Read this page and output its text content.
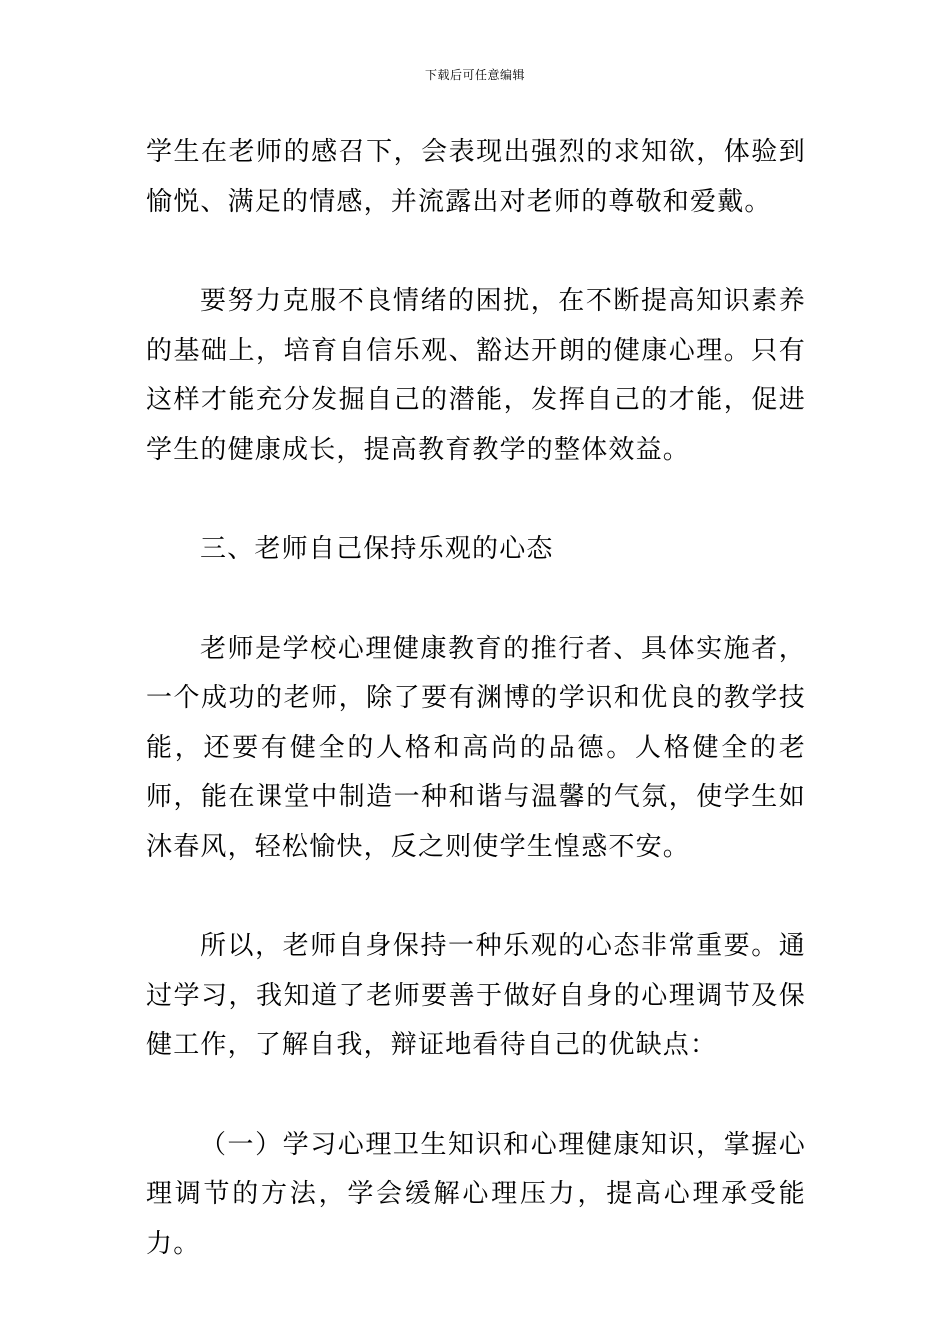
下载后可任意编辑

学生在老师的感召下，会表现出强烈的求知欲，体验到愉悦、满足的情感，并流露出对老师的尊敬和爱戴。

要努力克服不良情绪的困扰，在不断提高知识素养的基础上，培育自信乐观、豁达开朗的健康心理。只有这样才能充分发掘自己的潜能，发挥自己的才能，促进学生的健康成长，提高教育教学的整体效益。

三、老师自己保持乐观的心态

老师是学校心理健康教育的推行者、具体实施者，一个成功的老师，除了要有渊博的学识和优良的教学技能，还要有健全的人格和高尚的品德。人格健全的老师，能在课堂中制造一种和谐与温馨的气氛，使学生如沐春风，轻松愉快，反之则使学生惶惑不安。

所以，老师自身保持一种乐观的心态非常重要。通过学习，我知道了老师要善于做好自身的心理调节及保健工作，了解自我，辩证地看待自己的优缺点：

（一）学习心理卫生知识和心理健康知识，掌握心理调节的方法，学会缓解心理压力，提高心理承受能力。
